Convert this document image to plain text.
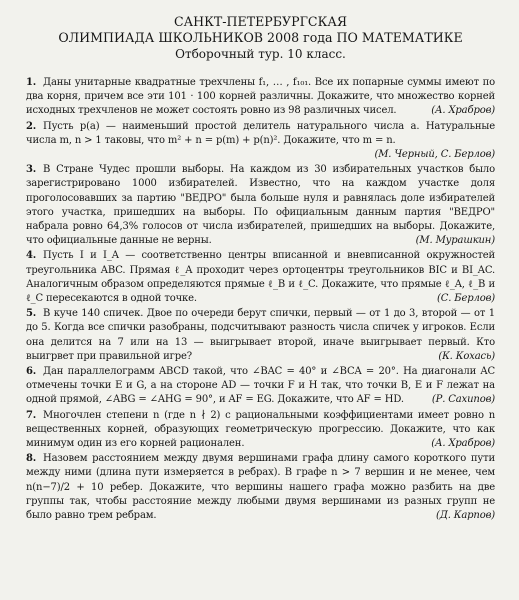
САНКТ-ПЕТЕРБУРГСКАЯ
ОЛИМПИАДА ШКОЛЬНИКОВ 2008 года ПО МАТЕМАТИКЕ
Отборочный тур. 10 класс.
1. Даны унитарные квадратные трехчлены f₁, … , f₁₀₁. Все их попарные суммы имеют по два корня, причем все эти 101 · 100 корней различны. Докажите, что множество корней исходных трехчленов не может состоять ровно из 98 различных чисел.	(А. Храбров)
2. Пусть p(a) — наименьший простой делитель натурального числа a. Натуральные числа m, n > 1 таковы, что m² + n = p(m) + p(n)². Докажите, что m = n.
(М. Черный, С. Берлов)
3. В Стране Чудес прошли выборы. На каждом из 30 избирательных участков было зарегистрировано 1000 избирателей. Известно, что на каждом участке доля проголосовавших за партию "ВЕДРО" была больше нуля и равнялась доле избирателей этого участка, пришедших на выборы. По официальным данным партия "ВЕДРО" набрала ровно 64,3% голосов от числа избирателей, пришедших на выборы. Докажите, что официальные данные не верны.	(М. Мурашкин)
4. Пусть I и I_A — соответственно центры вписанной и вневписанной окружностей треугольника ABC. Прямая ℓ_A проходит через ортоцентры треугольников BIC и BI_AC. Аналогичным образом определяются прямые ℓ_B и ℓ_C. Докажите, что прямые ℓ_A, ℓ_B и ℓ_C пересекаются в одной точке.	(С. Берлов)
5. В куче 140 спичек. Двое по очереди берут спички, первый — от 1 до 3, второй — от 1 до 5. Когда все спички разобраны, подсчитывают разность числа спичек у игроков. Если она делится на 7 или на 13 — выигрывает второй, иначе выигрывает первый. Кто выигрвет при правильной игре?	(К. Кохась)
6. Дан параллелограмм ABCD такой, что ∠BAC = 40° и ∠BCA = 20°. На диагонали AC отмечены точки E и G, а на стороне AD — точки F и H так, что точки B, E и F лежат на одной прямой, ∠ABG = ∠AHG = 90°, и AF = EG. Докажите, что AF = HD.	(Р. Сахипов)
7. Многочлен степени n (где n ∤ 2) с рациональными коэффициентами имеет ровно n вещественных корней, образующих геометрическую прогрессию. Докажите, что как минимум один из его корней рационален.	(А. Храбров)
8. Назовем расстоянием между двумя вершинами графа длину самого короткого пути между ними (длина пути измеряется в ребрах). В графе n > 7 вершин и не менее, чем n(n−7)/2 + 10 ребер. Докажите, что вершины нашего графа можно разбить на две группы так, чтобы расстояние между любыми двумя вершинами из разных групп не было равно трем ребрам.	(Д. Карпов)
